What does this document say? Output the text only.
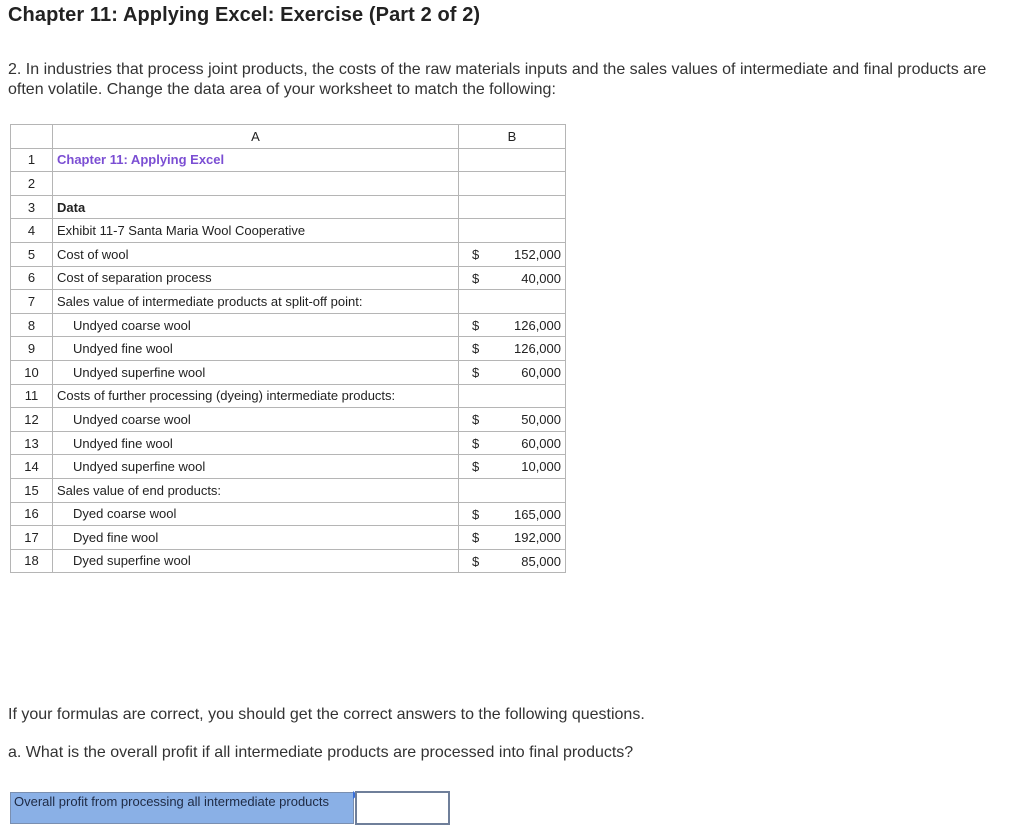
Chapter 11: Applying Excel: Exercise (Part 2 of 2)
2. In industries that process joint products, the costs of the raw materials inputs and the sales values of intermediate and final products are often volatile. Change the data area of your worksheet to match the following:
	A	B
1	Chapter 11: Applying Excel	

2		

3	Data	

4	Exhibit 11-7 Santa Maria Wool Cooperative	

5	Cost of wool	$ 152,000

6	Cost of separation process	$ 40,000

7	Sales value of intermediate products at split-off point:	

8	Undyed coarse wool	$ 126,000

9	Undyed fine wool	$ 126,000

10	Undyed superfine wool	$ 60,000

11	Costs of further processing (dyeing) intermediate products:	

12	Undyed coarse wool	$ 50,000

13	Undyed fine wool	$ 60,000

14	Undyed superfine wool	$ 10,000

15	Sales value of end products:	

16	Dyed coarse wool	$ 165,000

17	Dyed fine wool	$ 192,000

18	Dyed superfine wool	$ 85,000
If your formulas are correct, you should get the correct answers to the following questions.
a. What is the overall profit if all intermediate products are processed into final products?
Overall profit from processing all intermediate products
